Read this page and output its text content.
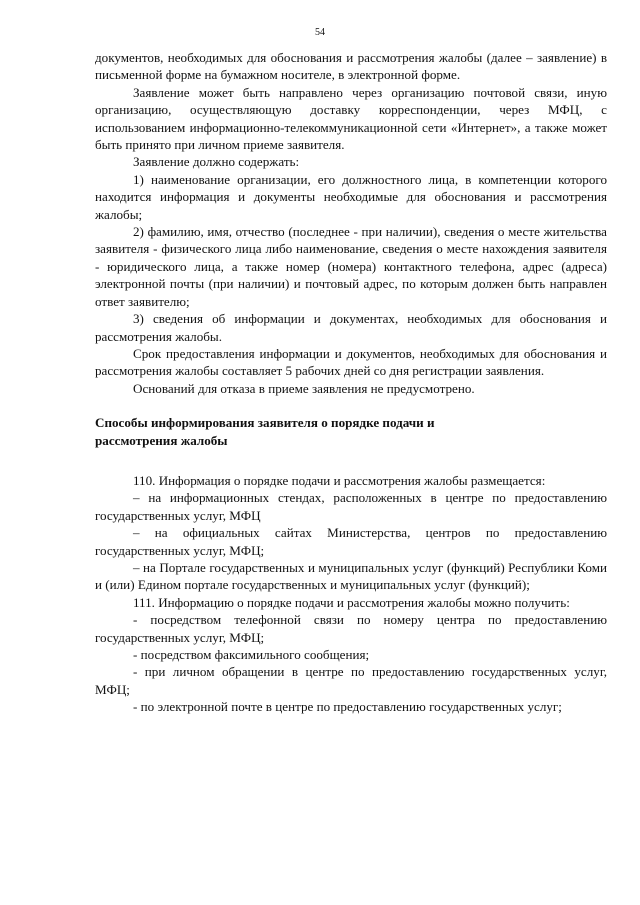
54

документов, необходимых для обоснования и рассмотрения жалобы (далее – заявление) в письменной форме на бумажном носителе, в электронной форме.

Заявление может быть направлено через организацию почтовой связи, иную организацию, осуществляющую доставку корреспонденции, через МФЦ, с использованием информационно-телекоммуникационной сети «Интернет», а также может быть принято при личном приеме заявителя.

Заявление должно содержать:

1) наименование организации, его должностного лица, в компетенции которого находится информация и документы необходимые для обоснования и рассмотрения жалобы;

2) фамилию, имя, отчество (последнее - при наличии), сведения о месте жительства заявителя - физического лица либо наименование, сведения о месте нахождения заявителя - юридического лица, а также номер (номера) контактного телефона, адрес (адреса) электронной почты (при наличии) и почтовый адрес, по которым должен быть направлен ответ заявителю;

3) сведения об информации и документах, необходимых для обоснования и рассмотрения жалобы.

Срок предоставления информации и документов, необходимых для обоснования и рассмотрения жалобы составляет 5 рабочих дней со дня регистрации заявления.

Оснований для отказа в приеме заявления не предусмотрено.

Способы информирования заявителя о порядке подачи и

рассмотрения жалобы

110. Информация о порядке подачи и рассмотрения жалобы размещается:

– на информационных стендах, расположенных в центре по предоставлению государственных услуг, МФЦ

– на официальных сайтах Министерства, центров по предоставлению государственных услуг, МФЦ;

– на Портале государственных и муниципальных услуг (функций) Республики Коми и (или) Едином портале государственных и муниципальных услуг (функций);

111. Информацию о порядке подачи и рассмотрения жалобы можно получить:

- посредством телефонной связи по номеру центра по предоставлению государственных услуг, МФЦ;

- посредством факсимильного сообщения;

- при личном обращении в центре по предоставлению государственных услуг, МФЦ;

- по электронной почте в центре по предоставлению государственных услуг;
